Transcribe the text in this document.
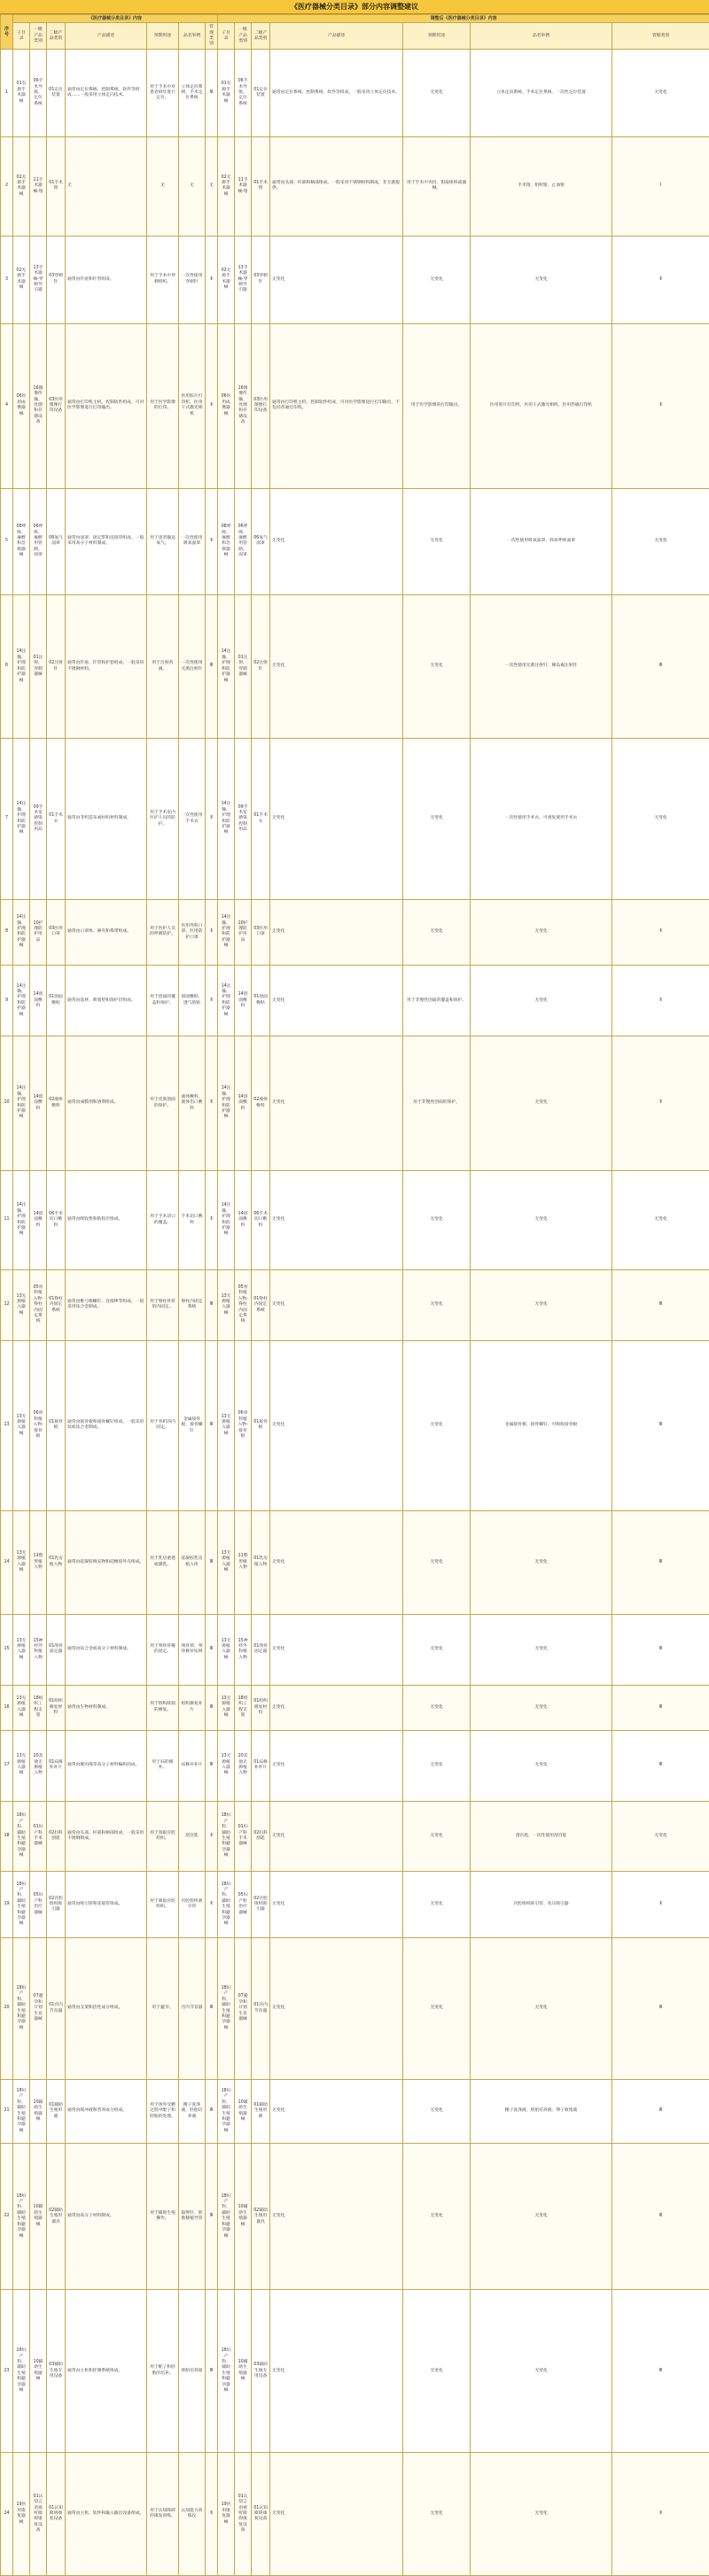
《医疗器械分类目录》部分内容调整建议
序号	《医疗器械分类目录》内容							调整后《医疗器械分类目录》内容						
	子目录	一级产品类别	二级产品类别	产品描述	预期用途	品名举例	管理类别	子目录	一级产品类别	二级产品类别	产品描述	预期用途	品名举例	管理类别
1	01有源手术器械	06手术导航、定位系统	01定位装置	通常由定位系统、控制系统、软件等组成……一般采用立体定向技术。	用于手术中对患者病灶进行定位。	立体定向系统、手术定位系统	Ⅲ	01有源手术器械	06手术导航、定位系统	01定位装置	通常由定位系统、控制系统、软件等组成，一般采用立体定向技术。	无变化	立体定向系统、手术定位系统、一次性定位装置	无变化
2	02无源手术器械	11手术器械-钳	01手术钳	无	无	无	无	02无源手术器械	11手术器械-钳	01手术钳	通常由头部、杆部和柄部组成，一般采用不锈钢材料制成，非无菌提供。	用于手术中夹持、钳取组织或器械。	手术钳、组织钳、止血钳	Ⅰ
3	02无源手术器械	13手术器械-穿刺导引器	03穿刺针	通常由针座和针管组成。	用于手术中穿刺组织。	一次性使用穿刺针	Ⅱ	02无源手术器械	13手术器械-穿刺导引器	03穿刺针	无变化	无变化	无变化	Ⅱ
4	06医用成像器械	16图像传输、处理和存储设备	03医用图像打印设备	通常由打印机主机、控制软件组成，可对医学影像进行打印输出。	用于医学影像的打印。	医用胶片打印机、医用干式激光相机	Ⅱ	06医用成像器械	16图像传输、处理和存储设备	03医用图像打印设备	通常由打印机主机、控制软件组成，可对医学影像进行打印输出，不包括普通打印机。	用于医学影像的打印输出。	医用胶片打印机、医用干式激光相机、医用热敏打印机	Ⅱ
5	08呼吸、麻醉和急救器械	06呼吸、麻醉用管路、面罩	06氧气面罩	通常由面罩、固定带和连接管组成，一般采用高分子材料制成。	用于患者输送氧气。	一次性使用吸氧面罩	Ⅱ	08呼吸、麻醉和急救器械	06呼吸、麻醉用管路、面罩	06氧气面罩	无变化	无变化	一次性使用吸氧面罩、简易呼吸面罩	无变化
6	14注输、护理和防护器械	01注射、穿刺器械	02注射针	通常由针座、针管和护套组成，一般采用不锈钢材料。	用于注射药液。	一次性使用无菌注射针	Ⅲ	14注输、护理和防护器械	01注射、穿刺器械	02注射针	无变化	无变化	一次性使用无菌注射针、胰岛素注射针	Ⅲ
7	14注输、护理和防护器械	09手术室感染控制用品	01手术衣	通常由非织造布或纺织材料制成。	用于手术室内医护人员的防护。	一次性使用手术衣	Ⅱ	14注输、护理和防护器械	09手术室感染控制用品	01手术衣	无变化	无变化	一次性使用手术衣、可重复使用手术衣	无变化
8	14注输、护理和防护器械	10护理防护用品	03医用口罩	通常由口罩体、鼻夹和系带组成。	用于医护人员的呼吸防护。	医用外科口罩、医用防护口罩	Ⅱ	14注输、护理和防护器械	10护理防护用品	03医用口罩	无变化	无变化	无变化	Ⅱ
9	14注输、护理和防护器械	14创面敷料	01创面敷贴	通常由基材、吸收垫和保护层组成。	用于创面的覆盖和保护。	创面敷贴、透气胶贴	Ⅱ	14注输、护理和防护器械	14创面敷料	01创面敷贴	无变化	用于非慢性创面的覆盖和保护。	无变化	Ⅱ
10	14注输、护理和防护器械	14创面敷料	02液体敷料	通常由成膜剂和溶剂组成。	用于皮肤创面的保护。	液体敷料、液体伤口敷料	Ⅱ	14注输、护理和防护器械	14创面敷料	02液体敷料	无变化	用于非慢性创面的保护。	无变化	Ⅱ
11	14注输、护理和防护器械	14创面敷料	06手术切口敷料	通常由吸收垫和粘胶层组成。	用于手术切口的覆盖。	手术切口敷料	Ⅱ	14注输、护理和防护器械	14创面敷料	06手术切口敷料	无变化	无变化	无变化	无变化
12	13无源植入器械	05骨科植入物-脊柱内固定系统	01脊柱内固定系统	通常由椎弓根螺钉、连接棒等组成，一般采用钛合金制成。	用于脊柱骨折的内固定。	脊柱内固定系统	Ⅲ	13无源植入器械	05骨科植入物-脊柱内固定系统	01脊柱内固定系统	无变化	无变化	无变化	Ⅲ
13	13无源植入器械	06骨科植入物-接骨板	01接骨板	通常由接骨板和接骨螺钉组成，一般采用钛或钛合金制成。	用于骨折的内固定。	金属接骨板、接骨螺钉	Ⅲ	13无源植入器械	06骨科植入物-接骨板	01接骨板	无变化	无变化	金属接骨板、接骨螺钉、可吸收接骨板	Ⅲ
14	13无源植入器械	11整形植入物	01乳房植入物	通常由硅凝胶填充物和硅橡胶外壳组成。	用于乳房重建或隆乳。	硅凝胶乳房植入体	Ⅲ	13无源植入器械	11整形植入物	01乳房植入物	无变化	无变化	无变化	Ⅲ
15	13无源植入器械	15神经外科植入物	01颅骨固定器	通常由钛合金或高分子材料制成。	用于颅骨骨瓣的固定。	颅骨锁、颅骨修补钛网	Ⅲ	13无源植入器械	15神经外科植入物	01颅骨固定器	无变化	无变化	无变化	Ⅲ
16	13无源植入器械	18组织工程支架	01组织修复材料	通常由生物材料制成。	用于组织缺损的修复。	组织修复补片	Ⅲ	13无源植入器械	18组织工程支架	01组织修复材料	无变化	无变化	无变化	Ⅲ
17	13无源植入器械	20其他无源植入物	01疝修补补片	通常由聚丙烯等高分子材料编织而成。	用于疝的修补。	疝修补补片	Ⅲ	13无源植入器械	20其他无源植入物	01疝修补补片	无变化	无变化	无变化	Ⅲ
18	18妇产科、辅助生殖和避孕器械	01妇产科手术器械	02妇科刮匙	通常由头部、杆部和柄部组成，一般采用不锈钢制成。	用于刮取宫腔组织。	刮宫匙	Ⅱ	18妇产科、辅助生殖和避孕器械	01妇产科手术器械	02妇科刮匙	无变化	无变化	刮宫匙、一次性使用刮宫匙	无变化
19	18妇产科、辅助生殖和避孕器械	05妇产科治疗器械	02宫腔组织吸引器	通常由吸引管和连接管组成。	用于吸取宫腔组织。	宫腔组织吸引管	Ⅱ	18妇产科、辅助生殖和避孕器械	05妇产科治疗器械	02宫腔组织吸引器	无变化	无变化	宫腔组织吸引管、负压吸引器	Ⅱ
20	18妇产科、辅助生殖和避孕器械	07避孕和计划生育器械	01宫内节育器	通常由支架和活性成分组成。	用于避孕。	宫内节育器	Ⅲ	18妇产科、辅助生殖和避孕器械	07避孕和计划生育器械	01宫内节育器	无变化	无变化	无变化	Ⅲ
21	18妇产科、辅助生殖和避孕器械	10辅助生殖器械	01辅助生殖用液	通常由缓冲液和营养成分组成。	用于体外受精过程中配子和胚胎的处理。	精子洗涤液、胚胎培养液	Ⅲ	18妇产科、辅助生殖和避孕器械	10辅助生殖器械	01辅助生殖用液	无变化	无变化	精子洗涤液、胚胎培养液、卵子收集液	Ⅲ
22	18妇产科、辅助生殖和避孕器械	10辅助生殖器械	02辅助生殖用器具	通常由高分子材料制成。	用于辅助生殖操作。	取卵针、胚胎移植导管	Ⅲ	18妇产科、辅助生殖和避孕器械	10辅助生殖器械	02辅助生殖用器具	无变化	无变化	无变化	Ⅲ
23	18妇产科、辅助生殖和避孕器械	10辅助生殖器械	03辅助生殖专用设备	通常由主机和控制系统组成。	用于配子和胚胎的培养。	胚胎培养箱	Ⅲ	18妇产科、辅助生殖和避孕器械	10辅助生殖器械	03辅助生殖专用设备	无变化	无变化	无变化	Ⅲ
24	19医用康复器械	01认知言语视听障碍康复设备	01认知障碍康复设备	通常由主机、软件和输入输出设备组成。	用于认知障碍的康复训练。	认知能力训练仪	Ⅱ	19医用康复器械	01认知言语视听障碍康复设备	01认知障碍康复设备	无变化	无变化	无变化	Ⅱ
